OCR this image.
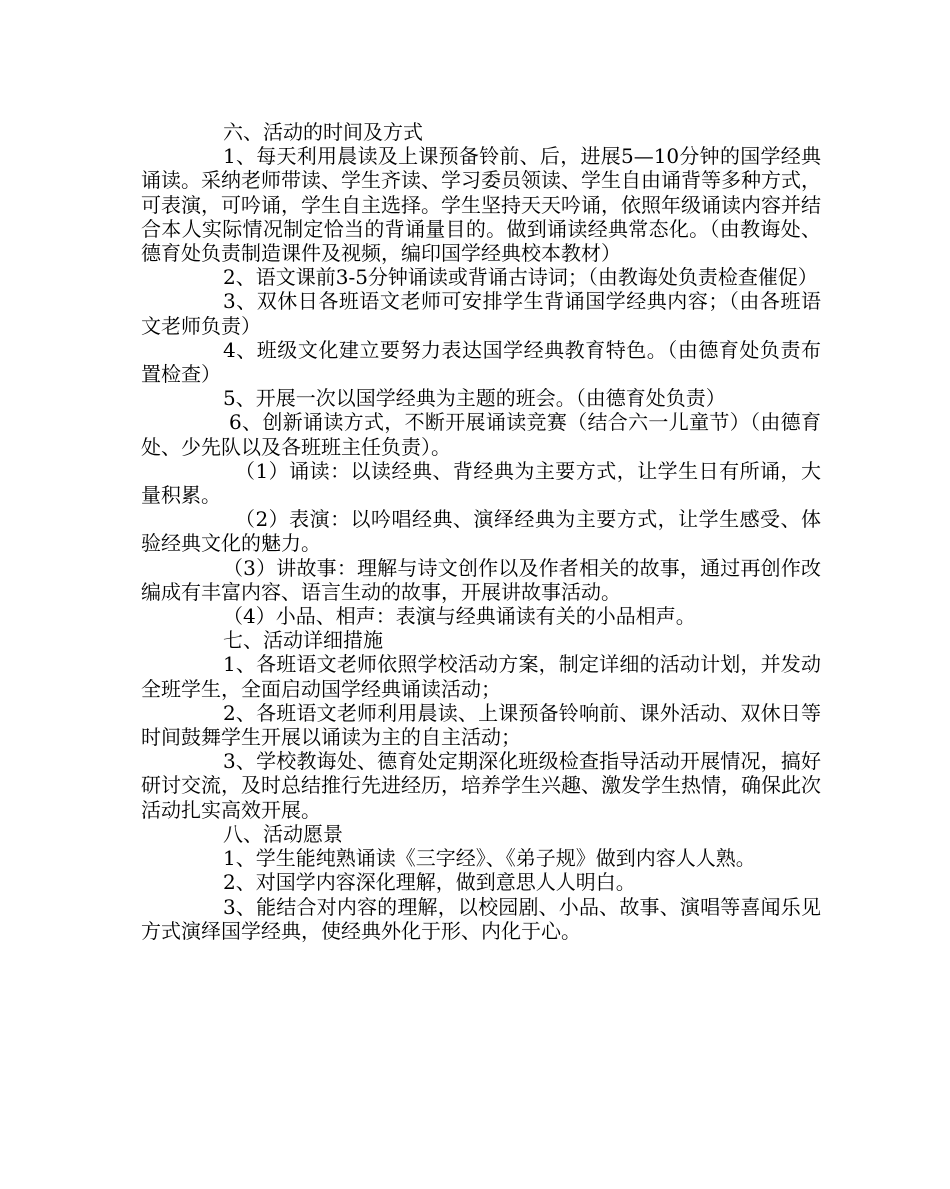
六、活动的时间及方式

1、每天利用晨读及上课预备铃前、后，进展5—10分钟的国学经典诵读。采纳老师带读、学生齐读、学习委员领读、学生自由诵背等多种方式，可表演，可吟诵，学生自主选择。学生坚持天天吟诵，依照年级诵读内容并结合本人实际情况制定恰当的背诵量目的。做到诵读经典常态化。（由教诲处、德育处负责制造课件及视频，编印国学经典校本教材）

2、语文课前3-5分钟诵读或背诵古诗词；（由教诲处负责检查催促）

3、双休日各班语文老师可安排学生背诵国学经典内容；（由各班语文老师负责）

4、班级文化建立要努力表达国学经典教育特色。（由德育处负责布置检查）

5、开展一次以国学经典为主题的班会。（由德育处负责）

6、创新诵读方式，不断开展诵读竞赛（结合六一儿童节）（由德育处、少先队以及各班班主任负责）。

（1）诵读：以读经典、背经典为主要方式，让学生日有所诵，大量积累。

（2）表演：以吟唱经典、演绎经典为主要方式，让学生感受、体验经典文化的魅力。

（3）讲故事：理解与诗文创作以及作者相关的故事，通过再创作改编成有丰富内容、语言生动的故事，开展讲故事活动。

（4）小品、相声：表演与经典诵读有关的小品相声。

七、活动详细措施

1、各班语文老师依照学校活动方案，制定详细的活动计划，并发动全班学生，全面启动国学经典诵读活动；

2、各班语文老师利用晨读、上课预备铃响前、课外活动、双休日等时间鼓舞学生开展以诵读为主的自主活动；

3、学校教诲处、德育处定期深化班级检查指导活动开展情况，搞好研讨交流，及时总结推行先进经历，培养学生兴趣、激发学生热情，确保此次活动扎实高效开展。

八、活动愿景

1、学生能纯熟诵读《三字经》、《弟子规》做到内容人人熟。

2、对国学内容深化理解，做到意思人人明白。

3、能结合对内容的理解，以校园剧、小品、故事、演唱等喜闻乐见方式演绎国学经典，使经典外化于形、内化于心。
